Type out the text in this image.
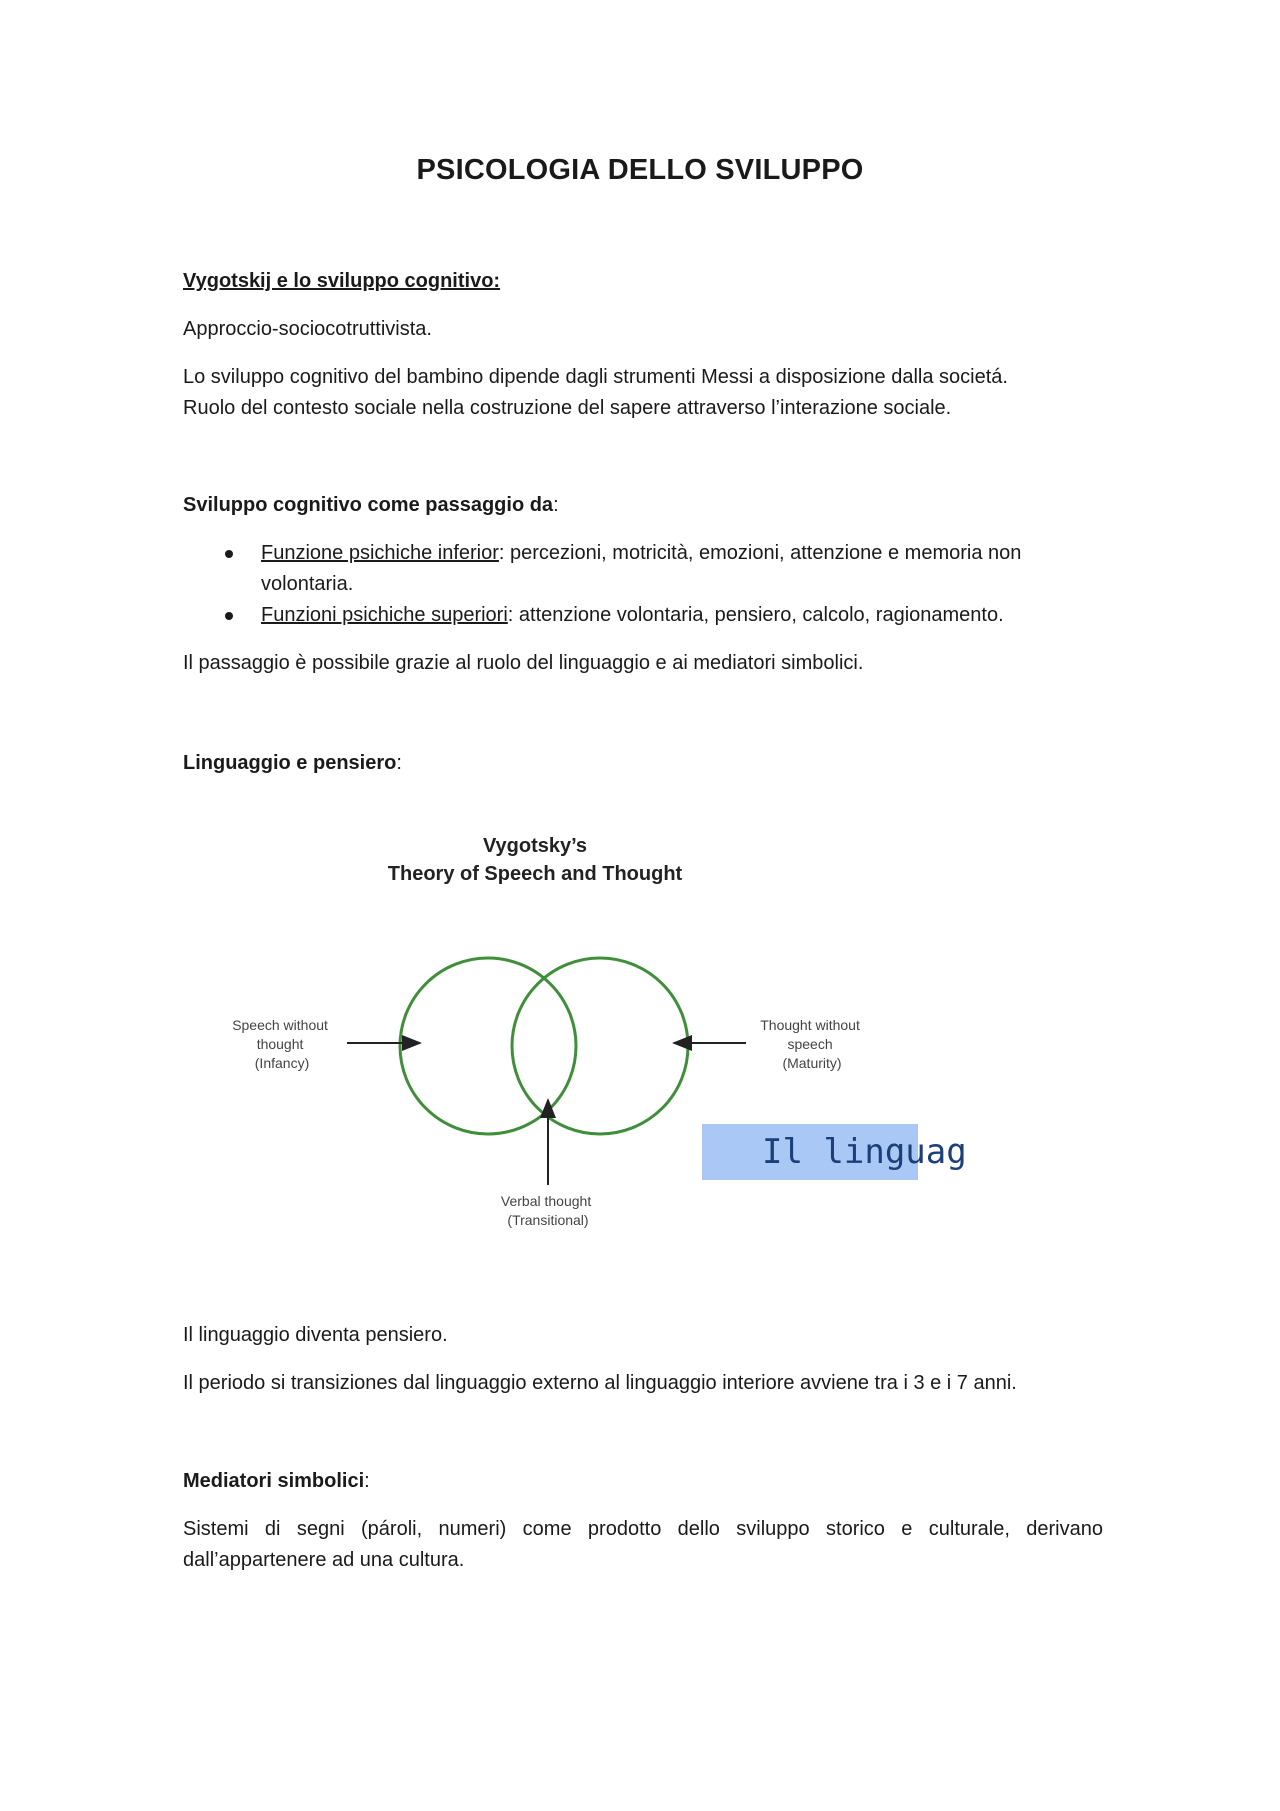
PSICOLOGIA DELLO SVILUPPO
Vygotskij e lo sviluppo cognitivo:
Approccio-sociocotruttivista.
Lo sviluppo cognitivo del bambino dipende dagli strumenti Messi a disposizione dalla societá.
Ruolo del contesto sociale nella costruzione del sapere attraverso l’interazione sociale.
Sviluppo cognitivo come passaggio da:
Funzione psichiche inferior: percezioni, motricità, emozioni, attenzione e memoria non
volontaria.
Funzioni psichiche superiori: attenzione volontaria, pensiero, calcolo, ragionamento.
Il passaggio è possibile grazie al ruolo del linguaggio e ai mediatori simbolici.
Linguaggio e pensiero:
Vygotsky’s
Theory of Speech and Thought
Speech without thought (Infancy)
Thought without speech (Maturity)
Verbal thought (Transitional)
Il linguag
Il linguaggio diventa pensiero.
Il periodo si transiziones dal linguaggio externo al linguaggio interiore avviene tra i 3 e i 7 anni.
Mediatori simbolici:
Sistemi di segni (pároli, numeri) come prodotto dello sviluppo storico e culturale, derivano
dall’appartenere ad una cultura.
